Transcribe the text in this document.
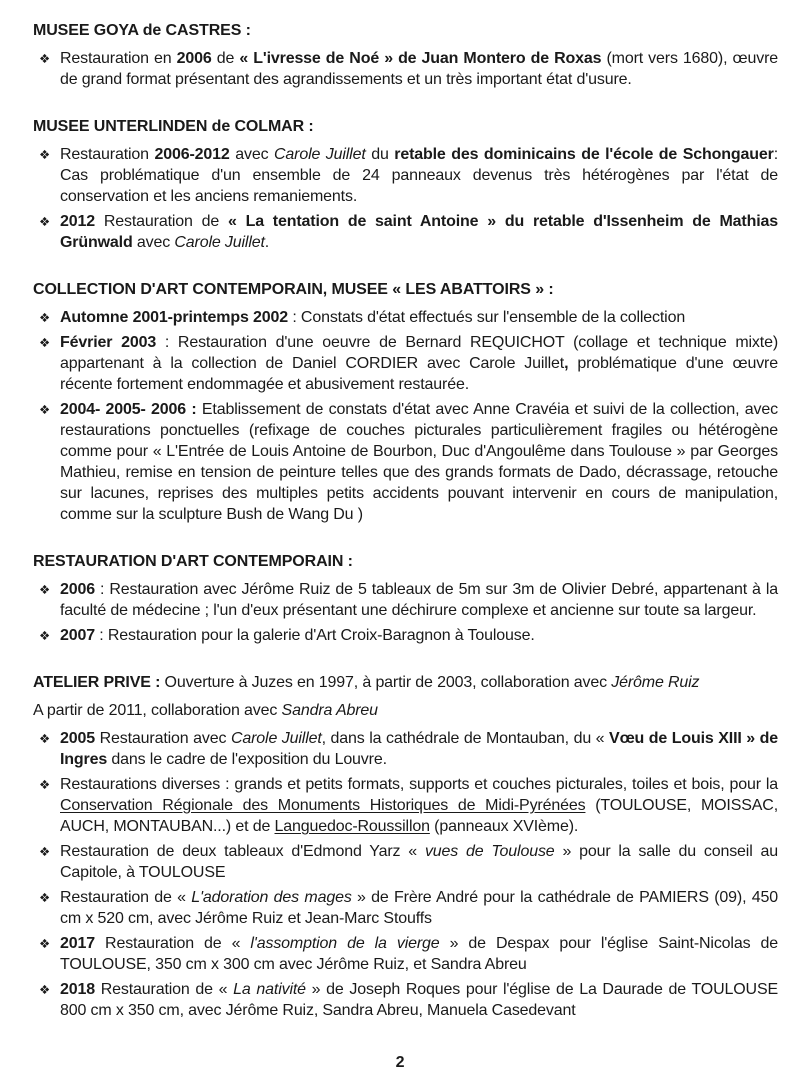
MUSEE GOYA de CASTRES :
❖ Restauration en 2006 de « L'ivresse de Noé » de Juan Montero de Roxas (mort vers 1680), œuvre de grand format présentant des agrandissements et un très important état d'usure.
MUSEE UNTERLINDEN de COLMAR :
❖ Restauration 2006-2012 avec Carole Juillet du retable des dominicains de l'école de Schongauer: Cas problématique d'un ensemble de 24 panneaux devenus très hétérogènes par l'état de conservation et les anciens remaniements.
❖ 2012 Restauration de « La tentation de saint Antoine » du retable d'Issenheim de Mathias Grünwald avec Carole Juillet.
COLLECTION D'ART CONTEMPORAIN, MUSEE « LES ABATTOIRS » :
❖ Automne 2001-printemps 2002 : Constats d'état effectués sur l'ensemble de la collection
❖ Février 2003 : Restauration d'une oeuvre de Bernard REQUICHOT (collage et technique mixte) appartenant à la collection de Daniel CORDIER avec Carole Juillet, problématique d'une œuvre récente fortement endommagée et abusivement restaurée.
❖ 2004- 2005- 2006 : Etablissement de constats d'état avec Anne Cravéia et suivi de la collection, avec restaurations ponctuelles (refixage de couches picturales particulièrement fragiles ou hétérogène comme pour « L'Entrée de Louis Antoine de Bourbon, Duc d'Angoulême dans Toulouse » par Georges Mathieu, remise en tension de peinture telles que des grands formats de Dado, décrassage, retouche sur lacunes, reprises des multiples petits accidents pouvant intervenir en cours de manipulation, comme sur la sculpture Bush de Wang Du )
RESTAURATION D'ART CONTEMPORAIN :
❖ 2006 : Restauration avec Jérôme Ruiz de 5 tableaux de 5m sur 3m de Olivier Debré, appartenant à la faculté de médecine ; l'un d'eux présentant une déchirure complexe et ancienne sur toute sa largeur.
❖ 2007 : Restauration pour la galerie d'Art Croix-Baragnon à Toulouse.

ATELIER PRIVE : Ouverture à Juzes en 1997, à partir de 2003, collaboration avec Jérôme Ruiz

A partir de 2011, collaboration avec Sandra Abreu

❖ 2005 Restauration avec Carole Juillet, dans la cathédrale de Montauban, du « Vœu de Louis XIII » de Ingres dans le cadre de l'exposition du Louvre.
❖ Restaurations diverses : grands et petits formats, supports et couches picturales, toiles et bois, pour la Conservation Régionale des Monuments Historiques de Midi-Pyrénées (TOULOUSE, MOISSAC, AUCH, MONTAUBAN...) et de Languedoc-Roussillon (panneaux XVIème).
❖ Restauration de deux tableaux d'Edmond Yarz « vues de Toulouse » pour la salle du conseil au Capitole, à TOULOUSE
❖ Restauration de « L'adoration des mages » de Frère André pour la cathédrale de PAMIERS (09), 450 cm x 520 cm, avec Jérôme Ruiz et Jean-Marc Stouffs
❖ 2017 Restauration de « l'assomption de la vierge » de Despax pour l'église Saint-Nicolas de TOULOUSE, 350 cm x 300 cm avec Jérôme Ruiz, et Sandra Abreu
❖ 2018 Restauration de « La nativité » de Joseph Roques pour l'église de La Daurade de TOULOUSE 800 cm x 350 cm, avec Jérôme Ruiz, Sandra Abreu, Manuela Casedevant
2
